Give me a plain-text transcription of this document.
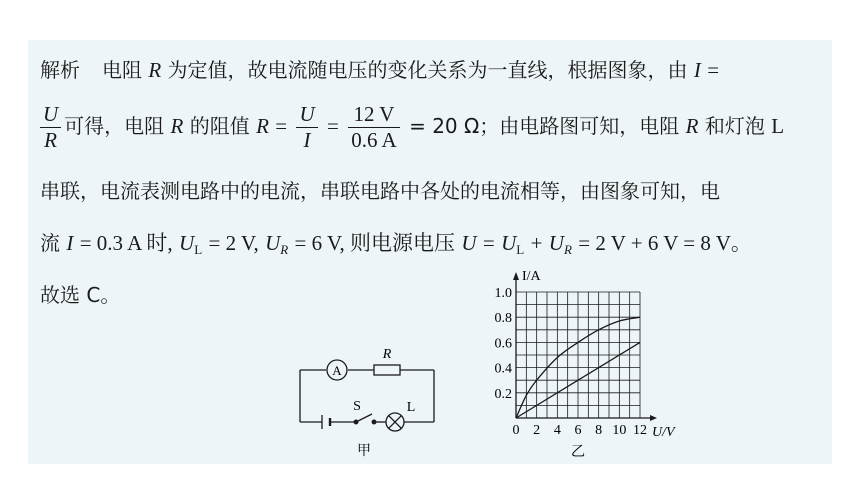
解析 电阻 R 为定值，故电流随电压的变化关系为一直线，根据图象，由 I =
$\frac{U}{R}$ 可得，电阻 R 的阻值 $R = \frac{U}{I} = \frac{12 V}{0.6 A} = 20$ Ω；由电路图可知，电阻 R 和灯泡 L
串联，电流表测电路中的电流，串联电路中各处的电流相等，由图象可知，电
流 I = 0.3 A 时, $U_L = 2$ V, $U_R = 6$ V, 则电源电压 $U = U_L + U_R = 2$ V + 6 V = 8 V。
故选 C。
A
R
S	L
甲
0 2 4 6 8 10 12
0.2
0.4
0.6
0.8
1.0
I/A
U/V
乙
